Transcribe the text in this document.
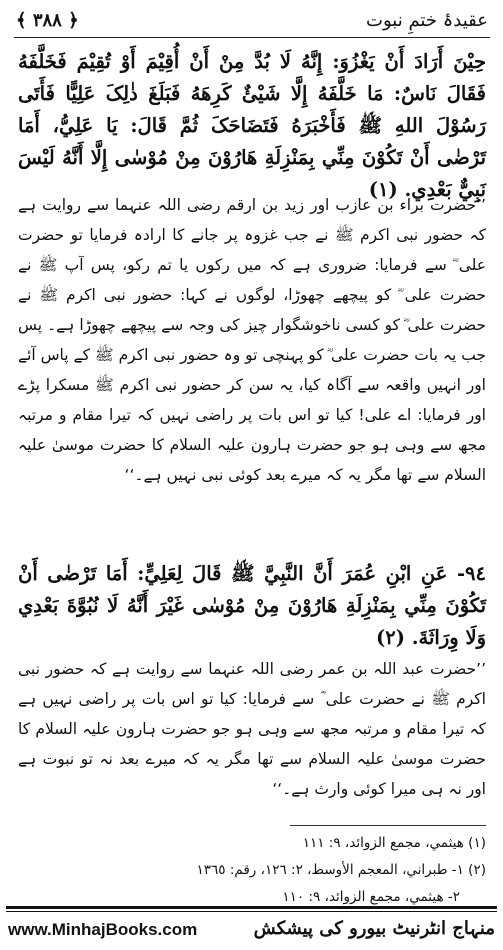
﴿ ٣٨٨ ﴾	عقیدۂ ختمِ نبوت
حِيْنَ أَرَادَ أَنْ يَغْزُوَ: إِنَّهُ لَا بُدَّ مِنْ أَنْ أُقِيْمَ أَوْ تُقِيْمَ فَخَلَّفَهُ فَقَالَ نَاسٌ: مَا خَلَّفَهُ إِلَّا شَيْئٌ كَرِهَهُ فَبَلَغَ ذٰلِکَ عَلِيًّا فَأَتَى رَسُوْلَ اللهِ ﷺ فَأَخْبَرَهُ فَتَضَاحَکَ ثُمَّ قَالَ: يَا عَلِيُّ، أَمَا تَرْضٰى أَنْ تَكُوْنَ مِنِّي بِمَنْزِلَةِ هَارُوْنَ مِنْ مُوْسٰى إِلَّا أَنَّهُ لَيْسَ نَبِيٌّ بَعْدِي. (١)
’’حضرت براء بن عازب اور زید بن ارقم رضی اللہ عنہما سے روایت ہے کہ حضور نبی اکرم ﷺ نے جب غزوہ پر جانے کا ارادہ فرمایا تو حضرت علی ؓ سے فرمایا: ضروری ہے کہ میں رکوں یا تم رکو، پس آپ ﷺ نے حضرت علی ؓ کو پیچھے چھوڑا، لوگوں نے کہا: حضور نبی اکرم ﷺ نے حضرت علی ؓ کو کسی ناخوشگوار چیز کی وجہ سے پیچھے چھوڑا ہے۔ پس جب یہ بات حضرت علی ؓ کو پہنچی تو وہ حضور نبی اکرم ﷺ کے پاس آئے اور انہیں واقعہ سے آگاہ کیا، یہ سن کر حضور نبی اکرم ﷺ مسکرا پڑے اور فرمایا: اے علی! کیا تو اس بات پر راضی نہیں کہ تیرا مقام و مرتبہ مجھ سے وہی ہو جو حضرت ہارون علیہ السلام کا حضرت موسیٰ علیہ السلام سے تھا مگر یہ کہ میرے بعد کوئی نبی نہیں ہے۔‘‘
٩٤- عَنِ ابْنِ عُمَرَ أَنَّ النَّبِيَّ ﷺ قَالَ لِعَلِيٍّ: أَمَا تَرْضٰى أَنْ تَكُوْنَ مِنِّي بِمَنْزِلَةِ هَارُوْنَ مِنْ مُوْسٰى غَيْرَ أَنَّهُ لَا نُبُوَّةَ بَعْدِي وَلَا وِرَاثَةَ. (٢)
’’حضرت عبد اللہ بن عمر رضی اللہ عنہما سے روایت ہے کہ حضور نبی اکرم ﷺ نے حضرت علی ؓ سے فرمایا: کیا تو اس بات پر راضی نہیں ہے کہ تیرا مقام و مرتبہ مجھ سے وہی ہو جو حضرت ہارون علیہ السلام کا حضرت موسیٰ علیہ السلام سے تھا مگر یہ کہ میرے بعد نہ تو نبوت ہے اور نہ ہی میرا کوئی وارث ہے۔‘‘
(١) هيثمي، مجمع الزوائد، ٩: ١١١
(٢) ١- طبراني، المعجم الأوسط، ٢: ١٢٦، رقم: ١٣٦٥
٢- هيثمي، مجمع الزوائد، ٩: ١١٠
www.MinhajBooks.com	منہاج انٹرنیٹ بیورو کی پیشکش
